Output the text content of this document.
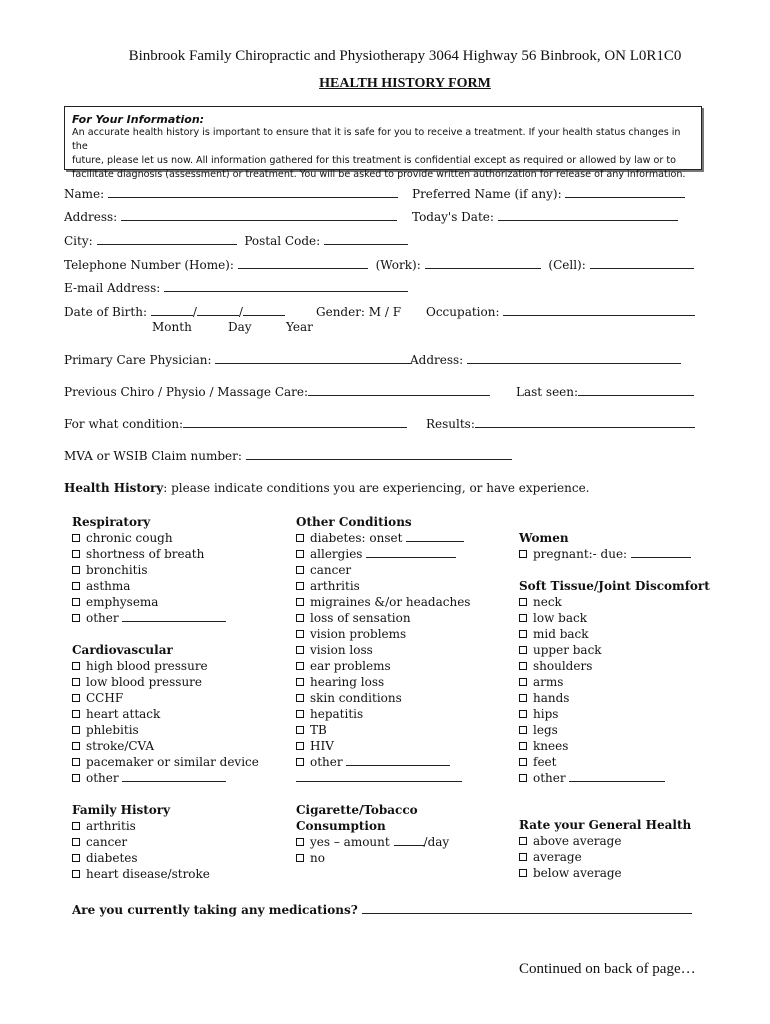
Binbrook Family Chiropractic and Physiotherapy 3064 Highway 56 Binbrook, ON L0R1C0
HEALTH HISTORY FORM
For Your Information:
An accurate health history is important to ensure that it is safe for you to receive a treatment. If your health status changes in the
future, please let us now. All information gathered for this treatment is confidential except as required or allowed by law or to
facilitate diagnosis (assessment) or treatment. You will be asked to provide written authorization for release of any information.
Name:	Preferred Name (if any):
Address:	Today's Date:
City:	Postal Code:
Telephone Number (Home):	(Work):	(Cell):
E-mail Address:
Date of Birth:	/	/
Month	Day	Year
Gender: M / F Occupation:
Primary Care Physician:	Address:
Previous Chiro / Physio / Massage Care:	Last seen:
For what condition:	Results:
MVA or WSIB Claim number:
Health History: please indicate conditions you are experiencing, or have experience.
Respiratory
chronic cough
shortness of breath
bronchitis
asthma
emphysema
other
Cardiovascular
high blood pressure
low blood pressure
CCHF
heart attack
phlebitis
stroke/CVA
pacemaker or similar device
other
Family History
arthritis
cancer
diabetes
heart disease/stroke
Other Conditions
diabetes: onset
allergies
cancer
arthritis
migraines &/or headaches
loss of sensation
vision problems
vision loss
ear problems
hearing loss
skin conditions
hepatitis
TB
HIV
other
Cigarette/Tobacco
Consumption
yes – amount	/day
no
Women
pregnant:- due:
Soft Tissue/Joint Discomfort
neck
low back
mid back
upper back
shoulders
arms
hands
hips
legs
knees
feet
other
Rate your General Health
above average
average
below average
Are you currently taking any medications?
Continued on back of page…
